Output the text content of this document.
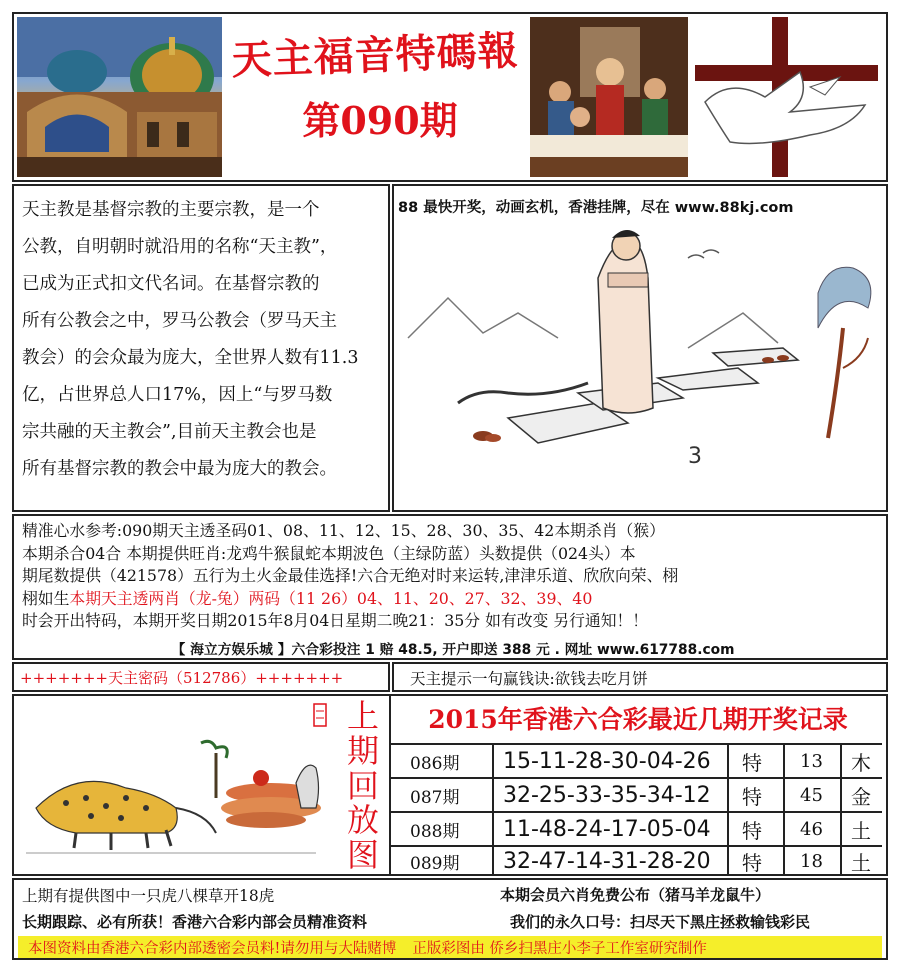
天主福音特碼報
第090期
天主教是基督宗教的主要宗教，是一个
公教，自明朝时就沿用的名称“天主教”，
已成为正式扣文代名词。在基督宗教的
所有公教会之中，罗马公教会（罗马天主
教会）的会众最为庞大，全世界人数有11.3
亿，占世界总人口17%，因上“与罗马数
宗共融的天主教会”,目前天主教会也是
所有基督宗教的教会中最为庞大的教会。
88 最快开奖，动画玄机，香港挂牌，尽在 www.88kj.com
3
精准心水参考:090期天主透圣码01、08、11、12、15、28、30、35、42本期杀肖（猴）
本期杀合04合 本期提供旺肖:龙鸡牛猴鼠蛇本期波色（主绿防蓝）头数提供（024头）本
期尾数提供（421578）五行为土火金最佳选择!六合无绝对时来运转,津津乐道、欣欣向荣、栩
栩如生本期天主透两肖（龙-兔）两码（11 26）04、11、20、27、32、39、40
时会开出特码，本期开奖日期2015年8月04日星期二晚21：35分 如有改变 另行通知！！
【 海立方娱乐城 】六合彩投注 1 赔 48.5, 开户即送 388 元 . 网址 www.617788.com
+++++++天主密码（512786）+++++++	天主提示一句赢钱诀:欲钱去吃月饼
上
期
回
放
图
2015年香港六合彩最近几期开奖记录
086期 15-11-28-30-04-26 特 13 木
087期 32-25-33-35-34-12 特 45 金
088期 11-48-24-17-05-04 特 46 土
089期 32-47-14-31-28-20 特 18 土
上期有提供图中一只虎八棵草开18虎	本期会员六肖免费公布（猪马羊龙鼠牛）
长期跟踪、必有所获！香港六合彩内部会员精准资料	我们的永久口号：扫尽天下黑庄拯救输钱彩民
本图资料由香港六合彩内部透密会员料!请勿用与大陆赌博 正版彩图由 侨乡扫黑庄小李子工作室研究制作
